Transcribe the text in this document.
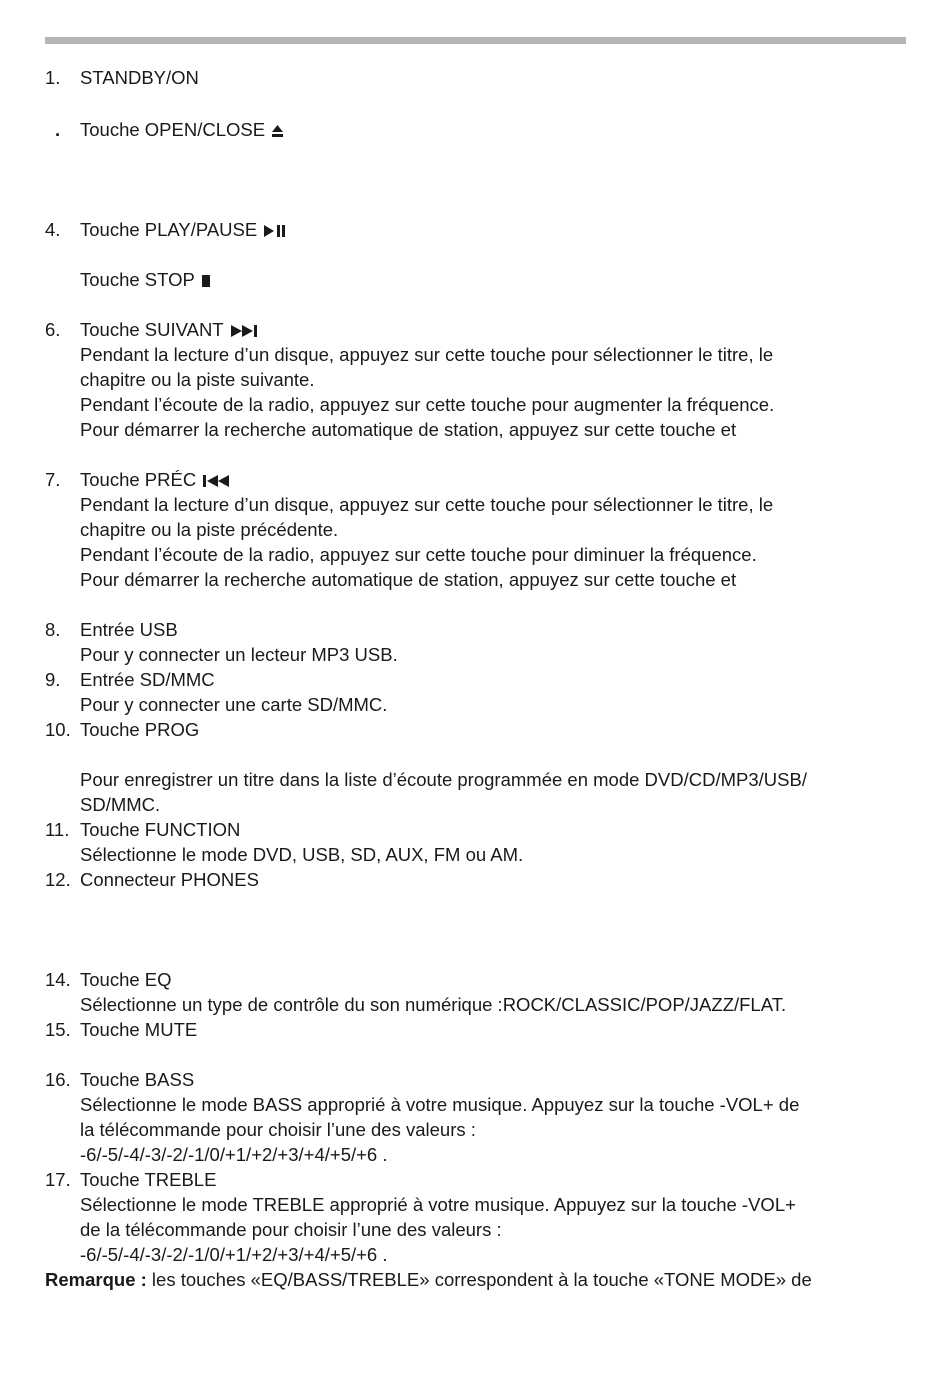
1. STANDBY/ON
. Touche OPEN/CLOSE
4. Touche PLAY/PAUSE
Touche STOP
6. Touche SUIVANT
Pendant la lecture d’un disque, appuyez sur cette touche pour sélectionner le titre, le
chapitre ou la piste suivante.
Pendant l’écoute de la radio, appuyez sur cette touche pour augmenter la fréquence.
Pour démarrer la recherche automatique de station, appuyez sur cette touche et
7. Touche PRÉC
Pendant la lecture d’un disque, appuyez sur cette touche pour sélectionner le titre, le
chapitre ou la piste précédente.
Pendant l’écoute de la radio, appuyez sur cette touche pour diminuer la fréquence.
Pour démarrer la recherche automatique de station, appuyez sur cette touche et
8. Entrée USB
Pour y connecter un lecteur MP3 USB.
9. Entrée SD/MMC
Pour y connecter une carte SD/MMC.
10. Touche PROG
Pour enregistrer un titre dans la liste d’écoute programmée en mode DVD/CD/MP3/USB/
SD/MMC.
11. Touche FUNCTION
Sélectionne le mode DVD, USB, SD, AUX, FM ou AM.
12. Connecteur PHONES
14. Touche EQ
Sélectionne un type de contrôle du son numérique :ROCK/CLASSIC/POP/JAZZ/FLAT.
15. Touche MUTE
16. Touche BASS
Sélectionne le mode BASS approprié à votre musique. Appuyez sur la touche -VOL+ de
la télécommande pour choisir l’une des valeurs :
-6/-5/-4/-3/-2/-1/0/+1/+2/+3/+4/+5/+6 .
17. Touche TREBLE
Sélectionne le mode TREBLE approprié à votre musique. Appuyez sur la touche -VOL+
de la télécommande pour choisir l’une des valeurs :
-6/-5/-4/-3/-2/-1/0/+1/+2/+3/+4/+5/+6 .
Remarque : les touches «EQ/BASS/TREBLE» correspondent à la touche «TONE MODE» de
